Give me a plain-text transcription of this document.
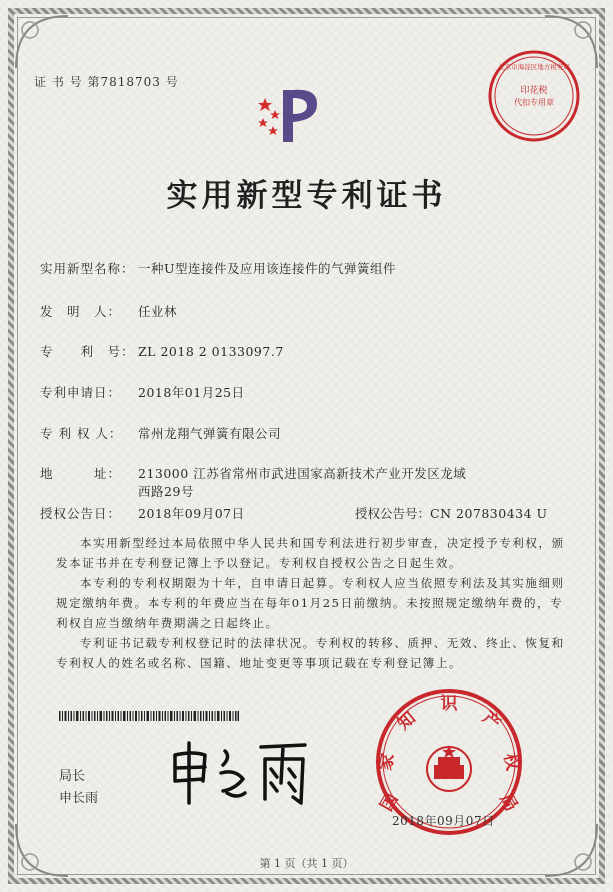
证 书 号 第7818703 号
印花税
代扣专用章
北京市海淀区地方税务局
实用新型专利证书
实用新型名称： 一种U型连接件及应用该连接件的气弹簧组件
发　明　人： 任业林
专　　利　号： ZL 2018 2 0133097.7
专利申请日： 2018年01月25日
专 利 权 人： 常州龙翔气弹簧有限公司
地　　　址： 213000 江苏省常州市武进国家高新技术产业开发区龙域
西路29号
授权公告日： 2018年09月07日	授权公告号：CN 207830434 U
本实用新型经过本局依照中华人民共和国专利法进行初步审查，决定授予专利权，颁发本证书并在专利登记簿上予以登记。专利权自授权公告之日起生效。
本专利的专利权期限为十年，自申请日起算。专利权人应当依照专利法及其实施细则规定缴纳年费。本专利的年费应当在每年01月25日前缴纳。未按照规定缴纳年费的，专利权自应当缴纳年费期满之日起终止。
专利证书记载专利权登记时的法律状况。专利权的转移、质押、无效、终止、恢复和专利权人的姓名或名称、国籍、地址变更等事项记载在专利登记簿上。
局长
申长雨	国
家
知
识
产
权
局
2018年09月07日
第 1 页（共 1 页）
